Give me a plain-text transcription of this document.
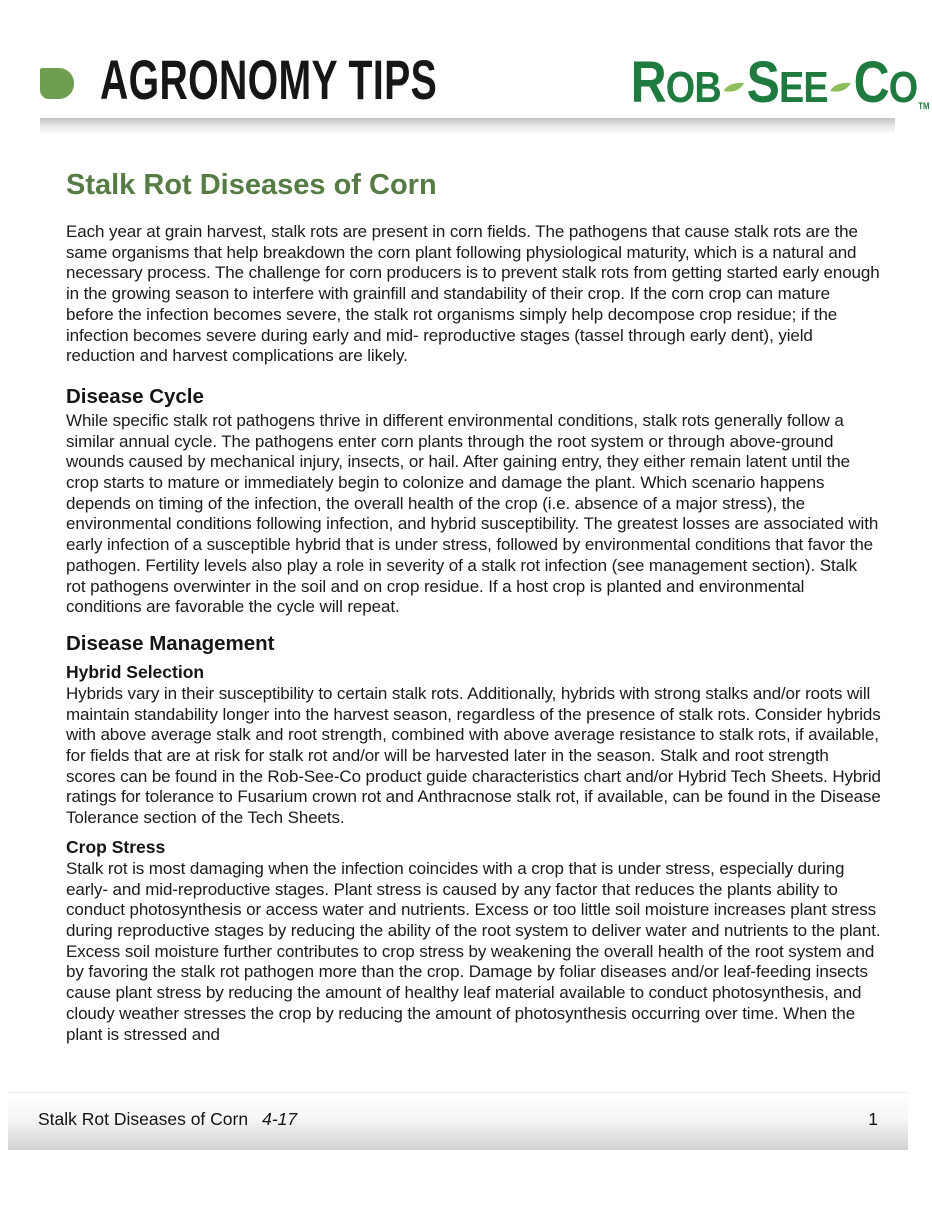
AGRONOMY TIPS	R OB S EE C O TM
Stalk Rot Diseases of Corn

Each year at grain harvest, stalk rots are present in corn fields. The pathogens that cause stalk rots are the same organisms that help breakdown the corn plant following physiological maturity, which is a natural and necessary process. The challenge for corn producers is to prevent stalk rots from getting started early enough in the growing season to interfere with grainfill and standability of their crop. If the corn crop can mature before the infection becomes severe, the stalk rot organisms simply help decompose crop residue; if the infection becomes severe during early and mid- reproductive stages (tassel through early dent), yield reduction and harvest complications are likely.

Disease Cycle

While specific stalk rot pathogens thrive in different environmental conditions, stalk rots generally follow a similar annual cycle. The pathogens enter corn plants through the root system or through above-ground wounds caused by mechanical injury, insects, or hail. After gaining entry, they either remain latent until the crop starts to mature or immediately begin to colonize and damage the plant. Which scenario happens depends on timing of the infection, the overall health of the crop (i.e. absence of a major stress), the environmental conditions following infection, and hybrid susceptibility. The greatest losses are associated with early infection of a susceptible hybrid that is under stress, followed by environmental conditions that favor the pathogen. Fertility levels also play a role in severity of a stalk rot infection (see management section). Stalk rot pathogens overwinter in the soil and on crop residue. If a host crop is planted and environmental conditions are favorable the cycle will repeat.

Disease Management
Hybrid Selection

Hybrids vary in their susceptibility to certain stalk rots. Additionally, hybrids with strong stalks and/or roots will maintain standability longer into the harvest season, regardless of the presence of stalk rots. Consider hybrids with above average stalk and root strength, combined with above average resistance to stalk rots, if available, for fields that are at risk for stalk rot and/or will be harvested later in the season. Stalk and root strength scores can be found in the Rob-See-Co product guide characteristics chart and/or Hybrid Tech Sheets. Hybrid ratings for tolerance to Fusarium crown rot and Anthracnose stalk rot, if available, can be found in the Disease Tolerance section of the Tech Sheets.

Crop Stress

Stalk rot is most damaging when the infection coincides with a crop that is under stress, especially during early- and mid-reproductive stages. Plant stress is caused by any factor that reduces the plants ability to conduct photosynthesis or access water and nutrients. Excess or too little soil moisture increases plant stress during reproductive stages by reducing the ability of the root system to deliver water and nutrients to the plant. Excess soil moisture further contributes to crop stress by weakening the overall health of the root system and by favoring the stalk rot pathogen more than the crop. Damage by foliar diseases and/or leaf-feeding insects cause plant stress by reducing the amount of healthy leaf material available to conduct photosynthesis, and cloudy weather stresses the crop by reducing the amount of photosynthesis occurring over time. When the plant is stressed and

Stalk Rot Diseases of Corn 4-17	1
